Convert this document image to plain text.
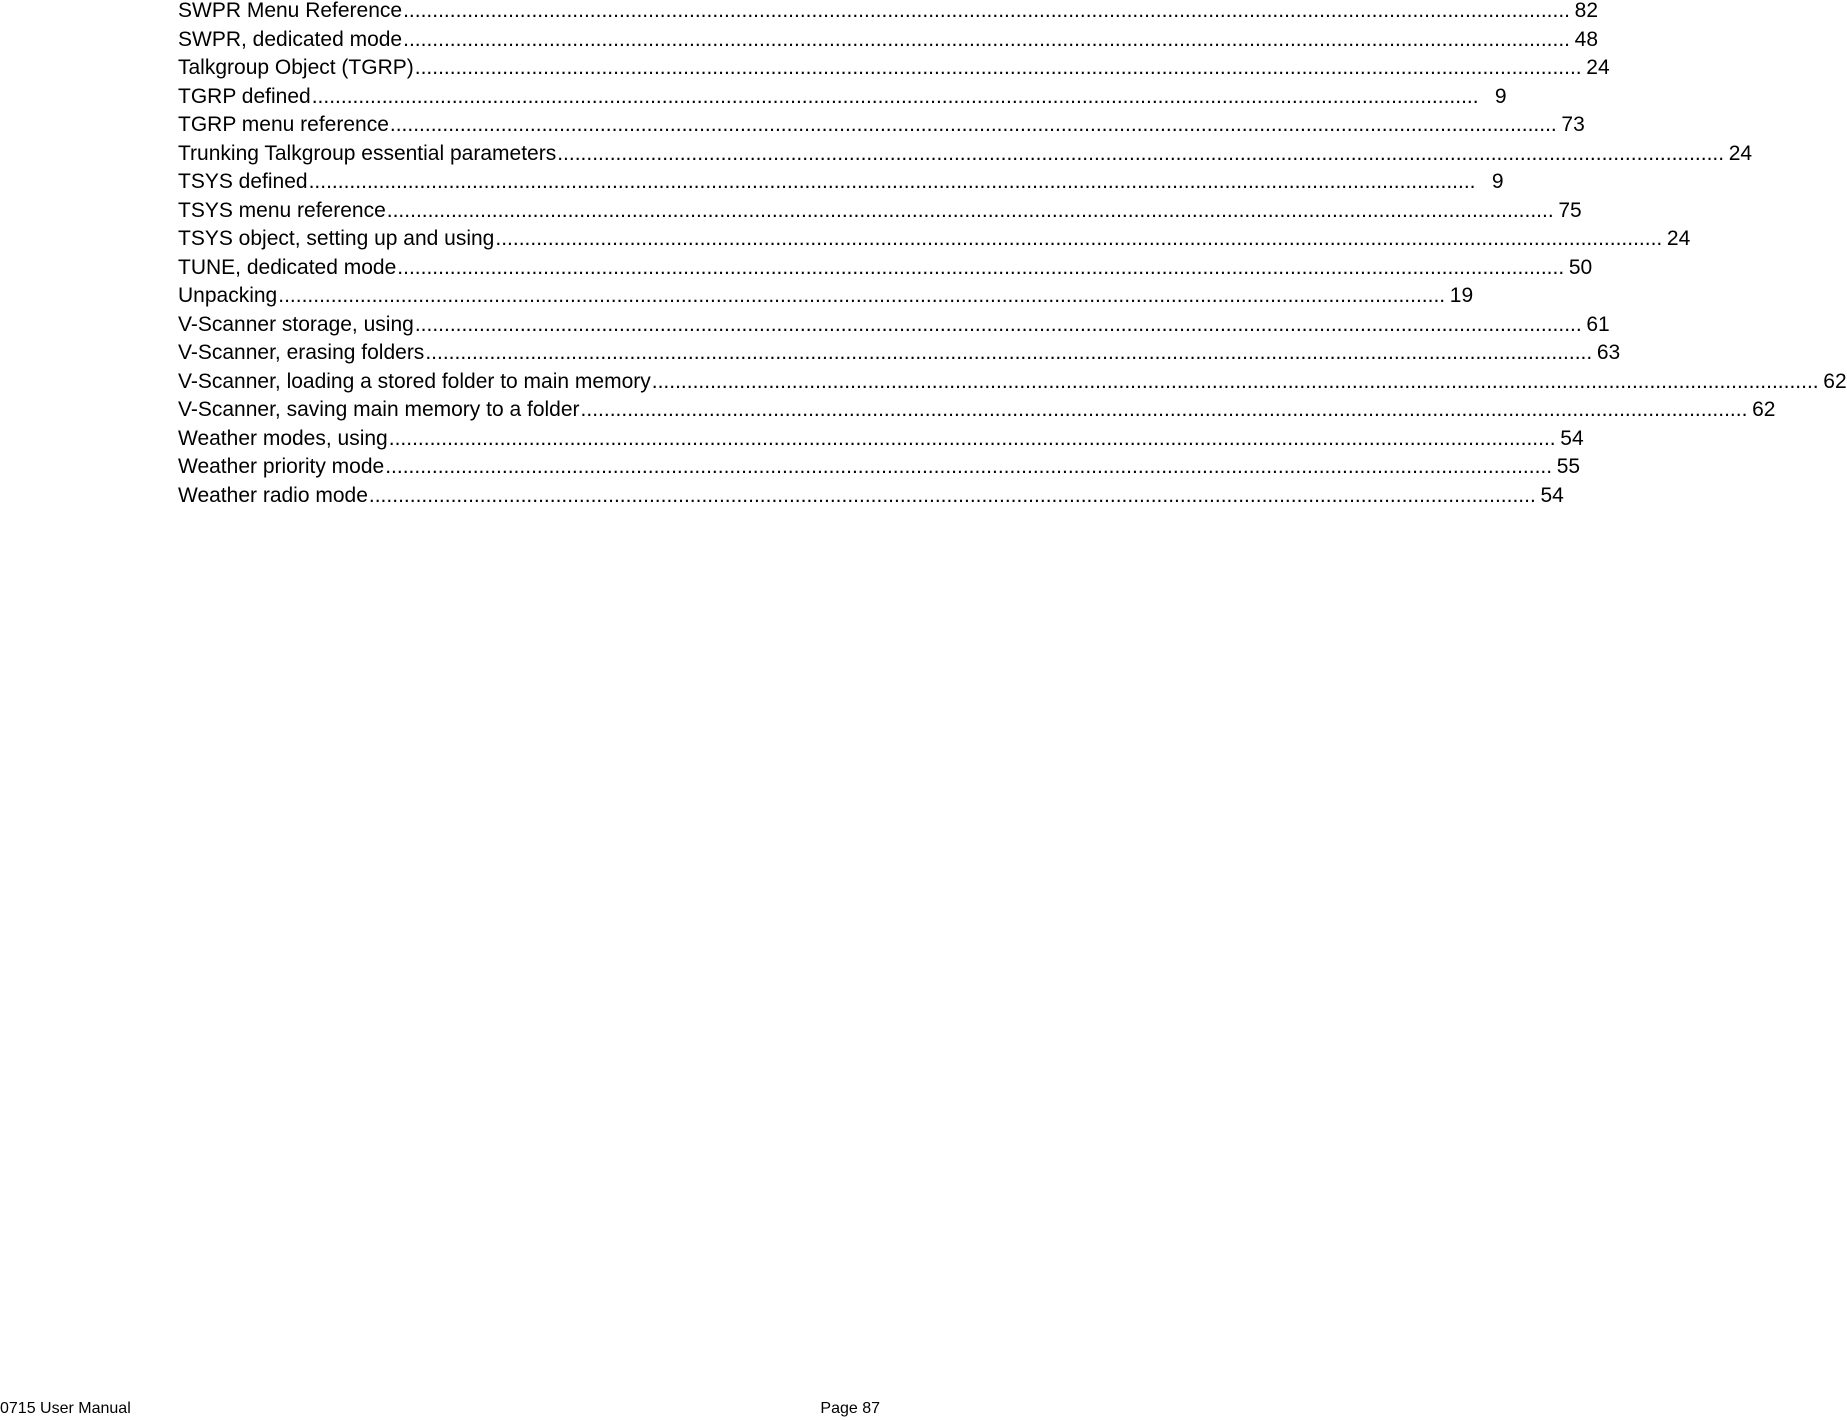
SWPR Menu Reference ........................................................................................................................................................................................................ 82
SWPR, dedicated mode ........................................................................................................................................................................................................ 48
Talkgroup Object (TGRP) ........................................................................................................................................................................................................ 24
TGRP defined ........................................................................................................................................................................................................ 9
TGRP menu reference ........................................................................................................................................................................................................ 73
Trunking Talkgroup essential parameters ........................................................................................................................................................................................................ 24
TSYS defined ........................................................................................................................................................................................................ 9
TSYS menu reference ........................................................................................................................................................................................................ 75
TSYS object, setting up and using ........................................................................................................................................................................................................ 24
TUNE, dedicated mode ........................................................................................................................................................................................................ 50
Unpacking ........................................................................................................................................................................................................ 19
V-Scanner storage, using ........................................................................................................................................................................................................ 61
V-Scanner, erasing folders ........................................................................................................................................................................................................ 63
V-Scanner, loading a stored folder to main memory ........................................................................................................................................................................................................ 62
V-Scanner, saving main memory to a folder ........................................................................................................................................................................................................ 62
Weather modes, using ........................................................................................................................................................................................................ 54
Weather priority mode ........................................................................................................................................................................................................ 55
Weather radio mode ........................................................................................................................................................................................................ 54
0715 User Manual	Page 87
